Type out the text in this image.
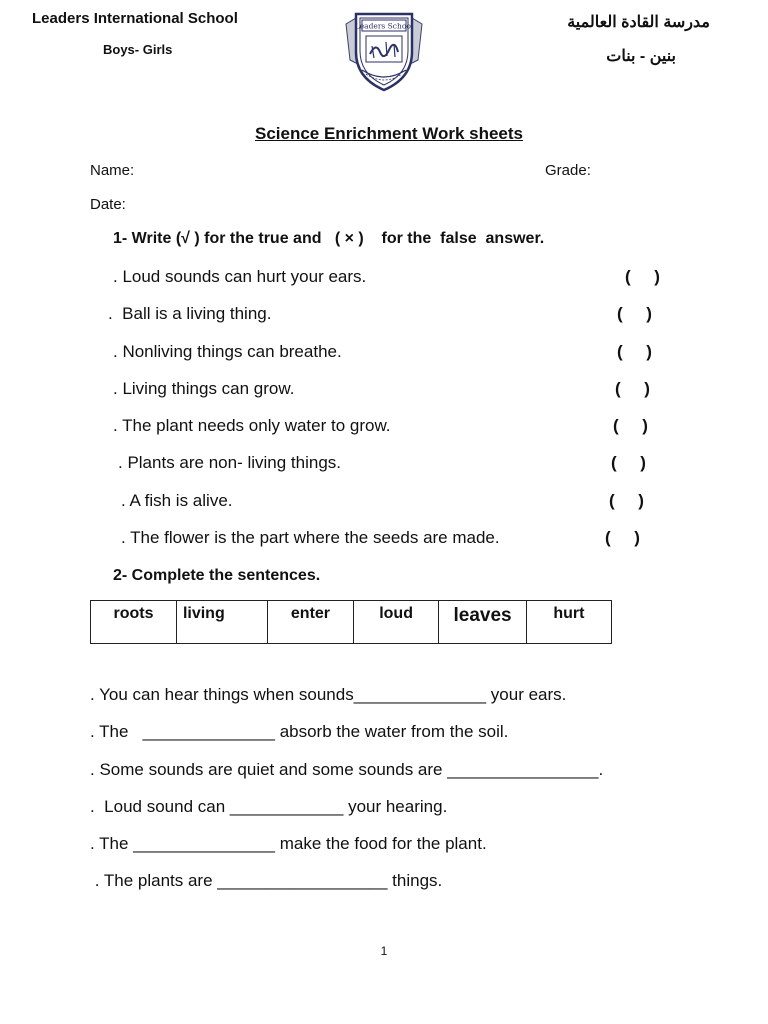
Leaders International School
Boys- Girls
مدرسة القادة العالمية
بنين - بنات
Leaders School
Science Enrichment Work sheets
Name:	Grade:
Date:
1- Write (√ ) for the true and   ( × )    for the  false  answer.
. Loud sounds can hurt your ears.	(     )
.  Ball is a living thing.	(     )
. Nonliving things can breathe.	(     )
. Living things can grow.	(     )
. The plant needs only water to grow.	(     )
. Plants are non- living things.	(     )
. A fish is alive.	(     )
. The flower is the part where the seeds are made.	(     )
2- Complete the sentences.
roots	living	enter	loud	leaves	hurt
. You can hear things when sounds______________ your ears.
. The   ______________ absorb the water from the soil.
. Some sounds are quiet and some sounds are ________________.
.  Loud sound can ____________ your hearing.
. The _______________ make the food for the plant.
. The plants are __________________ things.
1
